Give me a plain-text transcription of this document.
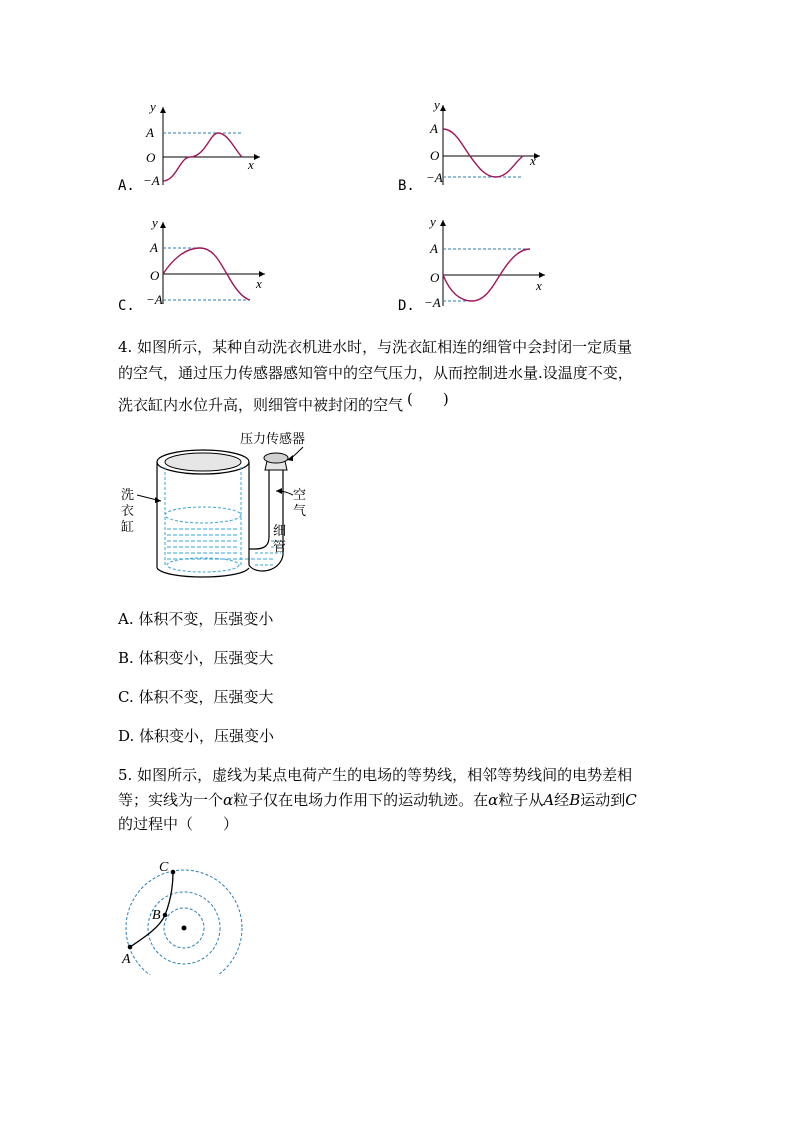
y
A
O
−A
x
A.
y
A
O
−A
x
B.
y
A
O
−A
x
C.
y
A
O
−A
x
D.
4. 如图所示，某种自动洗衣机进水时，与洗衣缸相连的细管中会封闭一定质量
的空气，通过压力传感器感知管中的空气压力，从而控制进水量.设温度不变，
洗衣缸内水位升高，则细管中被封闭的空气 (　　)
压力传感器
洗
衣
缸
空
气
细
管
A. 体积不变，压强变小
B. 体积变小，压强变大
C. 体积不变，压强变大
D. 体积变小，压强变小
5. 如图所示，虚线为某点电荷产生的电场的等势线，相邻等势线间的电势差相
等；实线为一个α粒子仅在电场力作用下的运动轨迹。在α粒子从A经B运动到C
的过程中（　　）
A
B
C
